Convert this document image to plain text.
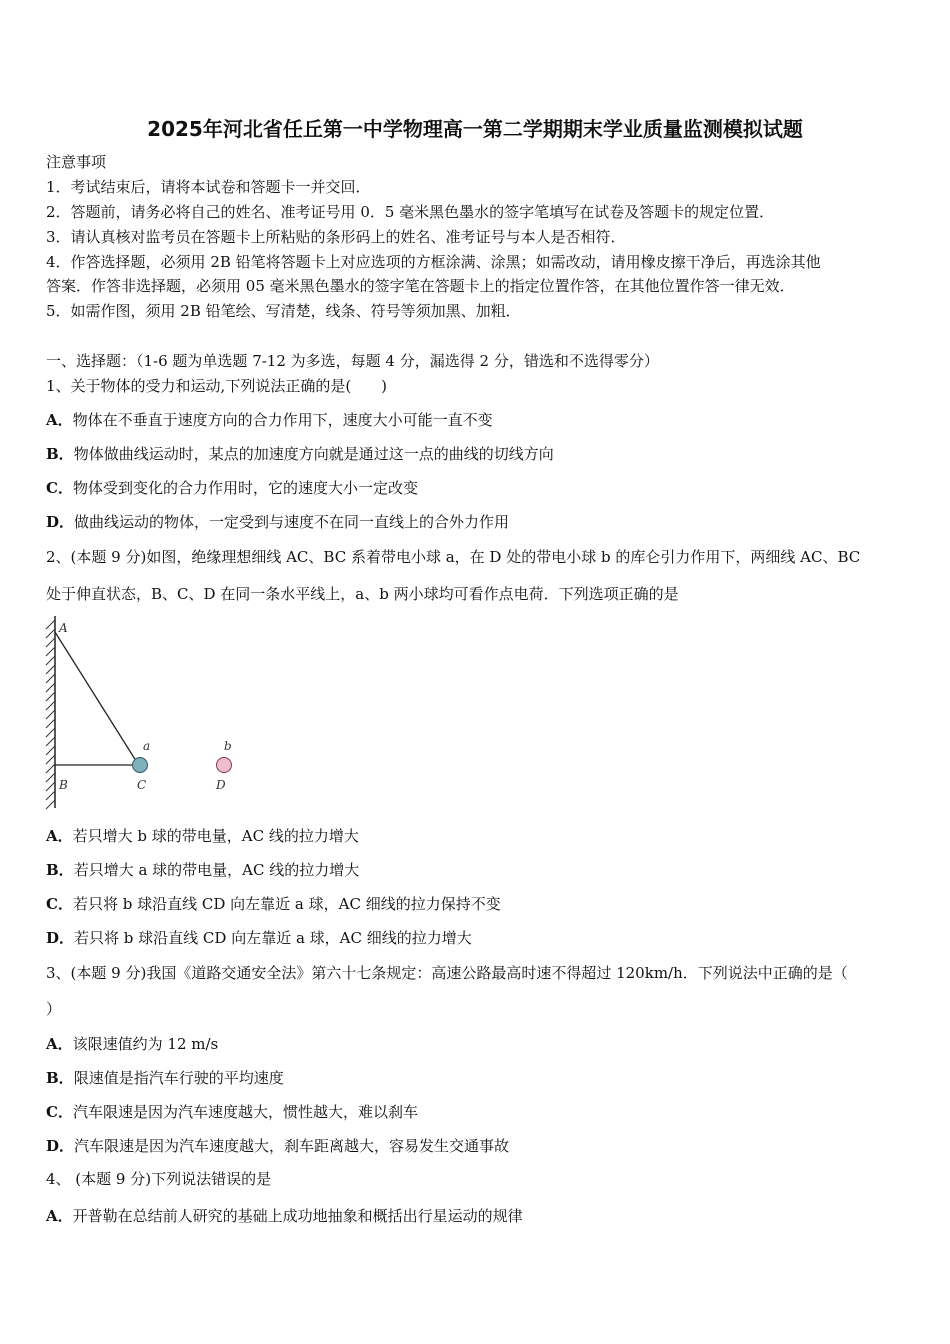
2025年河北省任丘第一中学物理高一第二学期期末学业质量监测模拟试题
注意事项
1．考试结束后，请将本试卷和答题卡一并交回．
2．答题前，请务必将自己的姓名、准考证号用 0．5 毫米黑色墨水的签字笔填写在试卷及答题卡的规定位置．
3．请认真核对监考员在答题卡上所粘贴的条形码上的姓名、准考证号与本人是否相符．
4．作答选择题，必须用 2B 铅笔将答题卡上对应选项的方框涂满、涂黑；如需改动，请用橡皮擦干净后，再选涂其他
答案．作答非选择题，必须用 05 毫米黑色墨水的签字笔在答题卡上的指定位置作答，在其他位置作答一律无效．
5．如需作图，须用 2B 铅笔绘、写清楚，线条、符号等须加黑、加粗．
一、选择题：（1-6 题为单选题 7-12 为多选，每题 4 分，漏选得 2 分，错选和不选得零分）
1、关于物体的受力和运动,下列说法正确的是(　　)
A．物体在不垂直于速度方向的合力作用下，速度大小可能一直不变
B．物体做曲线运动时，某点的加速度方向就是通过这一点的曲线的切线方向
C．物体受到变化的合力作用时，它的速度大小一定改变
D．做曲线运动的物体，一定受到与速度不在同一直线上的合外力作用
2、(本题 9 分)如图，绝缘理想细线 AC、BC 系着带电小球 a，在 D 处的带电小球 b 的库仑引力作用下，两细线 AC、BC
处于伸直状态，B、C、D 在同一条水平线上，a、b 两小球均可看作点电荷．下列选项正确的是
A
B	C	D
a	b
A．若只增大 b 球的带电量，AC 线的拉力增大
B．若只增大 a 球的带电量，AC 线的拉力增大
C．若只将 b 球沿直线 CD 向左靠近 a 球，AC 细线的拉力保持不变
D．若只将 b 球沿直线 CD 向左靠近 a 球，AC 细线的拉力增大
3、(本题 9 分)我国《道路交通安全法》第六十七条规定：高速公路最高时速不得超过 120km/h．下列说法中正确的是（
）
A．该限速值约为 12 m/s
B．限速值是指汽车行驶的平均速度
C．汽车限速是因为汽车速度越大，惯性越大，难以刹车
D．汽车限速是因为汽车速度越大，刹车距离越大，容易发生交通事故
4、 (本题 9 分)下列说法错误的是
A．开普勒在总结前人研究的基础上成功地抽象和概括出行星运动的规律
